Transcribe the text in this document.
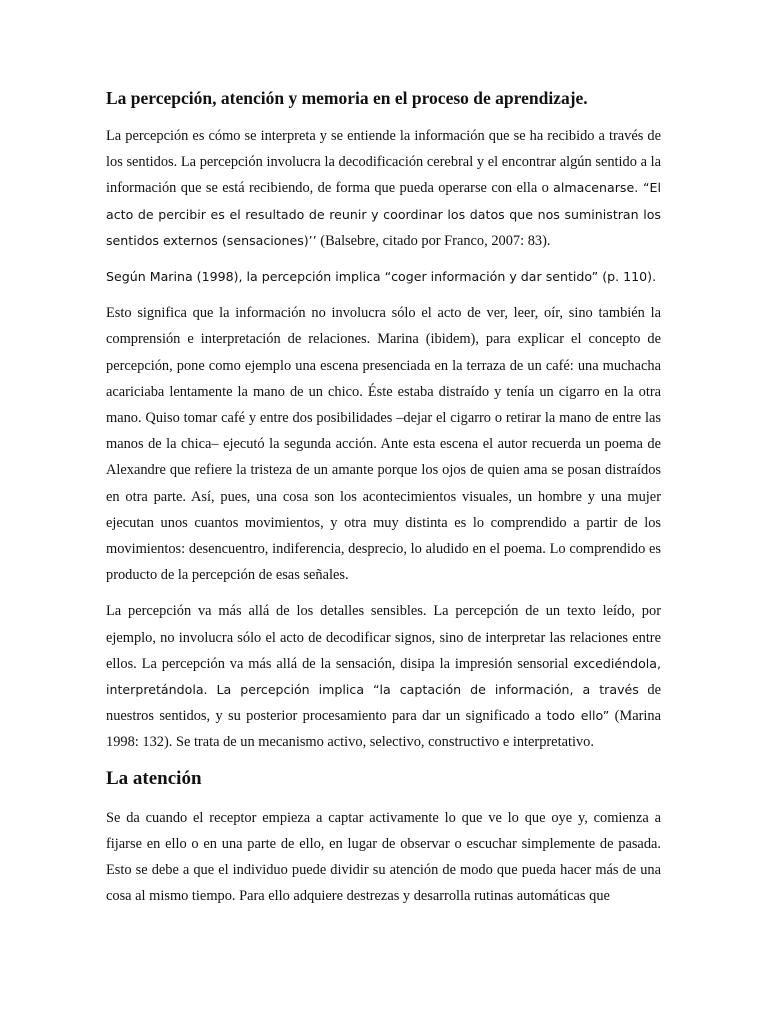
La percepción, atención y memoria en el proceso de aprendizaje.

La percepción es cómo se interpreta y se entiende la información que se ha recibido a través de los sentidos. La percepción involucra la decodificación cerebral y el encontrar algún sentido a la información que se está recibiendo, de forma que pueda operarse con ella o almacenarse. “El acto de percibir es el resultado de reunir y coordinar los datos que nos suministran los sentidos externos (sensaciones)’’ (Balsebre, citado por Franco, 2007: 83).

Según Marina (1998), la percepción implica “coger información y dar sentido” (p. 110).

Esto significa que la información no involucra sólo el acto de ver, leer, oír, sino también la comprensión e interpretación de relaciones. Marina (ibidem), para explicar el concepto de percepción, pone como ejemplo una escena presenciada en la terraza de un café: una muchacha acariciaba lentamente la mano de un chico. Éste estaba distraído y tenía un cigarro en la otra mano. Quiso tomar café y entre dos posibilidades –dejar el cigarro o retirar la mano de entre las manos de la chica– ejecutó la segunda acción. Ante esta escena el autor recuerda un poema de Alexandre que refiere la tristeza de un amante porque los ojos de quien ama se posan distraídos en otra parte. Así, pues, una cosa son los acontecimientos visuales, un hombre y una mujer ejecutan unos cuantos movimientos, y otra muy distinta es lo comprendido a partir de los movimientos: desencuentro, indiferencia, desprecio, lo aludido en el poema. Lo comprendido es producto de la percepción de esas señales.

La percepción va más allá de los detalles sensibles. La percepción de un texto leído, por ejemplo, no involucra sólo el acto de decodificar signos, sino de interpretar las relaciones entre ellos. La percepción va más allá de la sensación, disipa la impresión sensorial excediéndola, interpretándola. La percepción implica “la captación de información, a través de nuestros sentidos, y su posterior procesamiento para dar un significado a todo ello” (Marina 1998: 132). Se trata de un mecanismo activo, selectivo, constructivo e interpretativo.

La atención

Se da cuando el receptor empieza a captar activamente lo que ve lo que oye y, comienza a fijarse en ello o en una parte de ello, en lugar de observar o escuchar simplemente de pasada. Esto se debe a que el individuo puede dividir su atención de modo que pueda hacer más de una cosa al mismo tiempo. Para ello adquiere destrezas y desarrolla rutinas automáticas que
